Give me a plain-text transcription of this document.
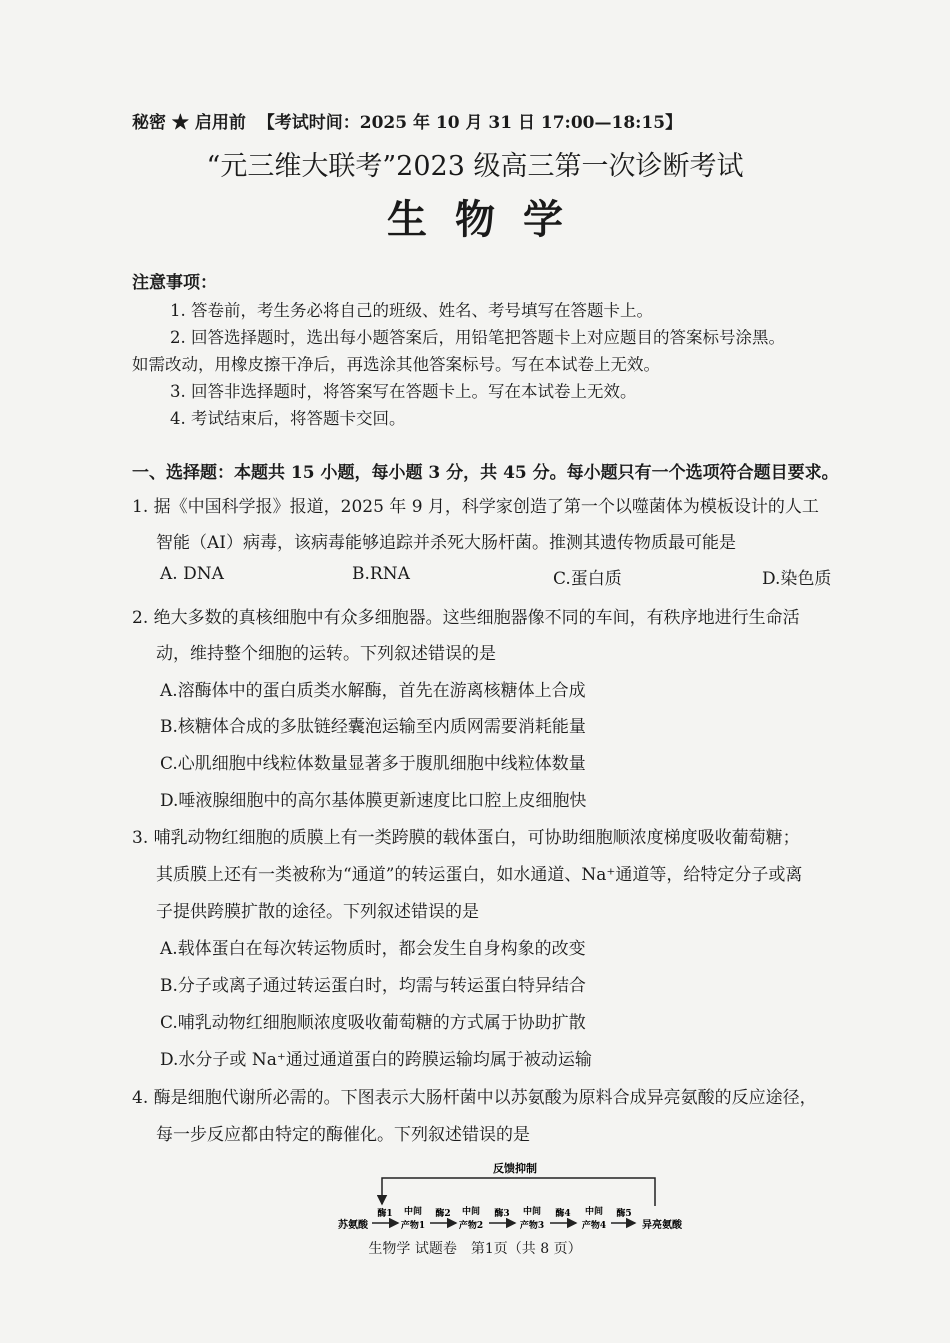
秘密 ★ 启用前 【考试时间：2025 年 10 月 31 日 17:00—18:15】
“元三维大联考”2023 级高三第一次诊断考试
生物学
注意事项：
1. 答卷前，考生务必将自己的班级、姓名、考号填写在答题卡上。
2. 回答选择题时，选出每小题答案后，用铅笔把答题卡上对应题目的答案标号涂黑。
如需改动，用橡皮擦干净后，再选涂其他答案标号。写在本试卷上无效。
3. 回答非选择题时，将答案写在答题卡上。写在本试卷上无效。
4. 考试结束后，将答题卡交回。
一、选择题：本题共 15 小题，每小题 3 分，共 45 分。每小题只有一个选项符合题目要求。
1. 据《中国科学报》报道，2025 年 9 月，科学家创造了第一个以噬菌体为模板设计的人工
智能（AI）病毒，该病毒能够追踪并杀死大肠杆菌。推测其遗传物质最可能是
A. DNA	B.RNA	C.蛋白质	D.染色质
2. 绝大多数的真核细胞中有众多细胞器。这些细胞器像不同的车间，有秩序地进行生命活
动，维持整个细胞的运转。下列叙述错误的是
A.溶酶体中的蛋白质类水解酶，首先在游离核糖体上合成
B.核糖体合成的多肽链经囊泡运输至内质网需要消耗能量
C.心肌细胞中线粒体数量显著多于腹肌细胞中线粒体数量
D.唾液腺细胞中的高尔基体膜更新速度比口腔上皮细胞快
3. 哺乳动物红细胞的质膜上有一类跨膜的载体蛋白，可协助细胞顺浓度梯度吸收葡萄糖；
其质膜上还有一类被称为“通道”的转运蛋白，如水通道、Na⁺通道等，给特定分子或离
子提供跨膜扩散的途径。下列叙述错误的是
A.载体蛋白在每次转运物质时，都会发生自身构象的改变
B.分子或离子通过转运蛋白时，均需与转运蛋白特异结合
C.哺乳动物红细胞顺浓度吸收葡萄糖的方式属于协助扩散
D.水分子或 Na⁺通过通道蛋白的跨膜运输均属于被动运输
4. 酶是细胞代谢所必需的。下图表示大肠杆菌中以苏氨酸为原料合成异亮氨酸的反应途径，
每一步反应都由特定的酶催化。下列叙述错误的是
反馈抑制
苏氨酸
酶1 中间
产物1
酶2 中间
产物2
酶3 中间
产物3
酶4 中间
产物4
酶5
异亮氨酸
生物学 试题卷　第1页（共 8 页）
